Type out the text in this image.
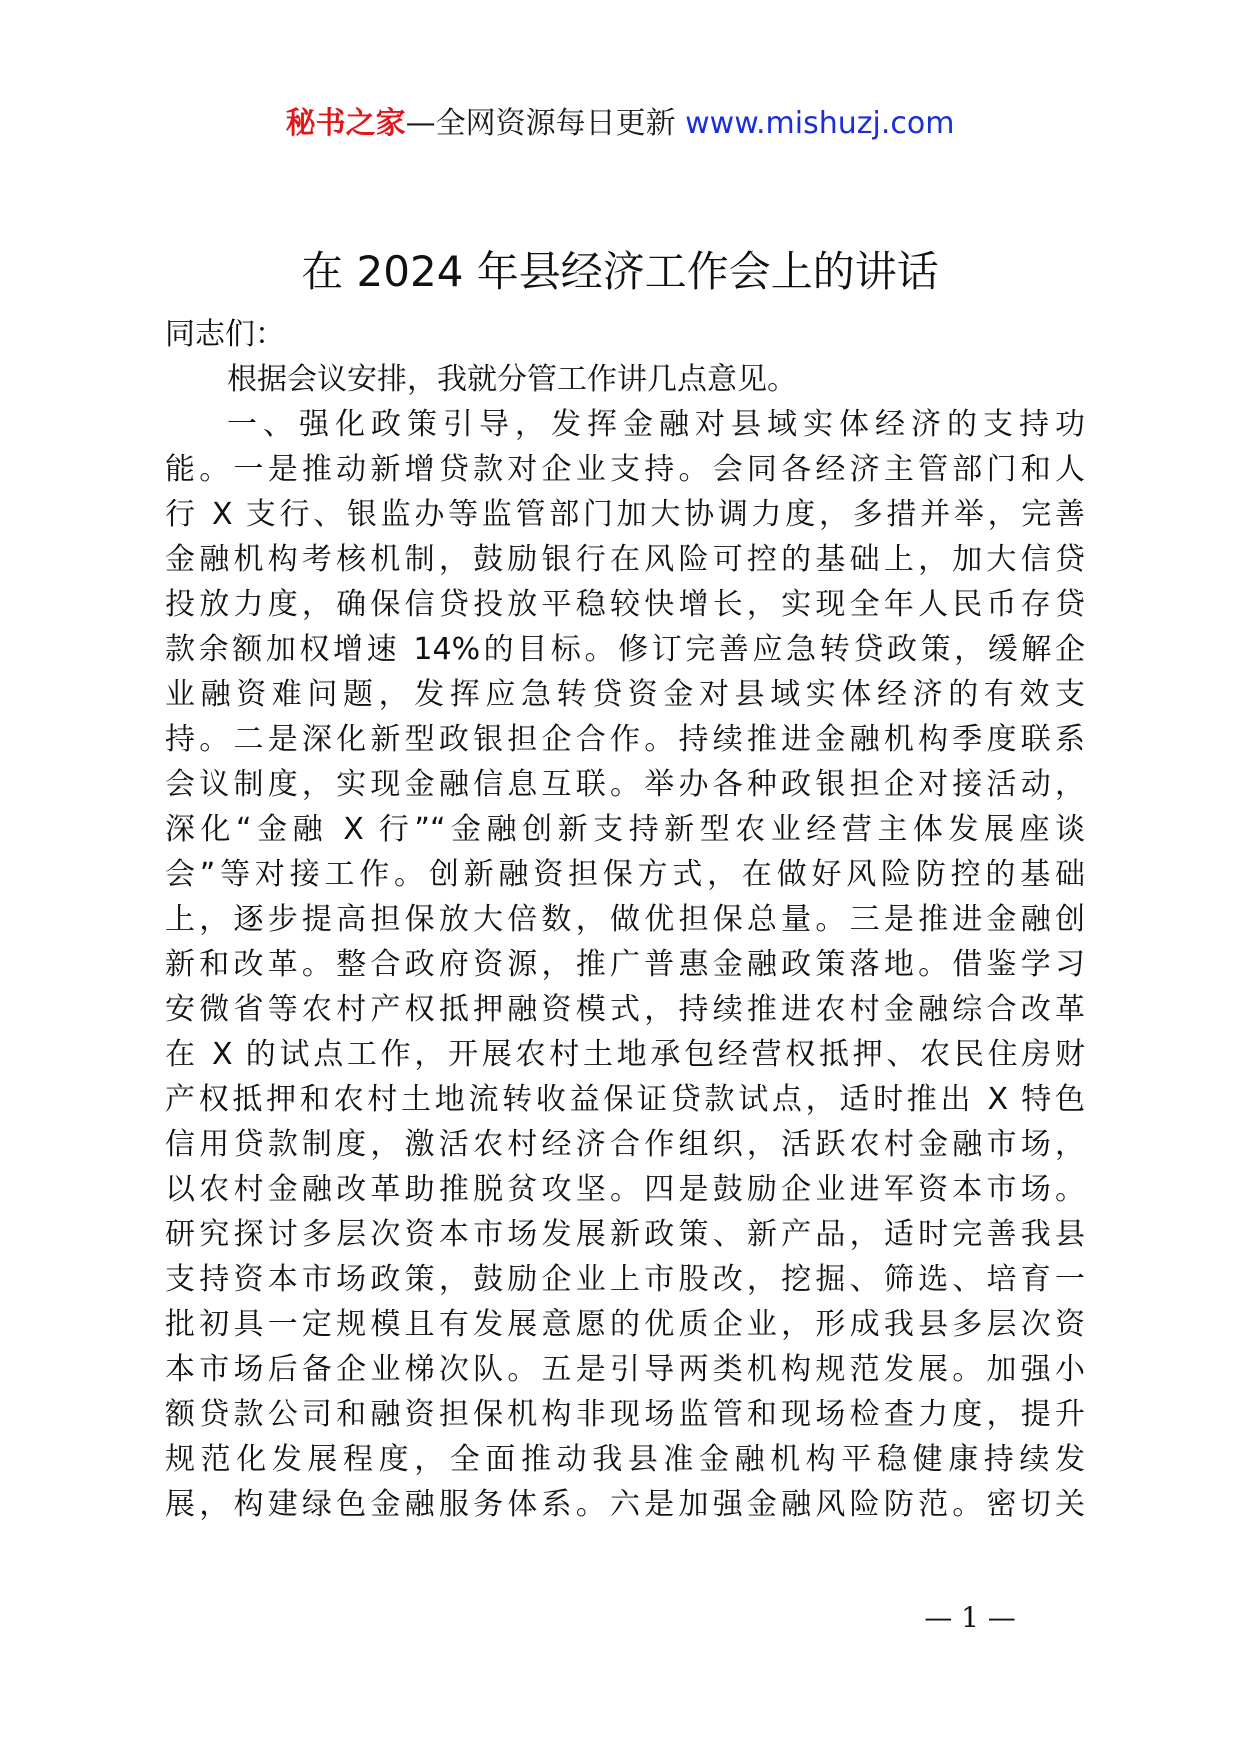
秘书之家—全网资源每日更新 www.mishuzj.com
在 2024 年县经济工作会上的讲话
同志们：
根据会议安排，我就分管工作讲几点意见。
一、强化政策引导，发挥金融对县域实体经济的支持功
能。一是推动新增贷款对企业支持。会同各经济主管部门和人
行 X 支行、银监办等监管部门加大协调力度，多措并举，完善
金融机构考核机制，鼓励银行在风险可控的基础上，加大信贷
投放力度，确保信贷投放平稳较快增长，实现全年人民币存贷
款余额加权增速 14%的目标。修订完善应急转贷政策，缓解企
业融资难问题，发挥应急转贷资金对县域实体经济的有效支
持。二是深化新型政银担企合作。持续推进金融机构季度联系
会议制度，实现金融信息互联。举办各种政银担企对接活动，
深化“金融 X 行”“金融创新支持新型农业经营主体发展座谈
会”等对接工作。创新融资担保方式，在做好风险防控的基础
上，逐步提高担保放大倍数，做优担保总量。三是推进金融创
新和改革。整合政府资源，推广普惠金融政策落地。借鉴学习
安微省等农村产权抵押融资模式，持续推进农村金融综合改革
在 X 的试点工作，开展农村土地承包经营权抵押、农民住房财
产权抵押和农村土地流转收益保证贷款试点，适时推出 X 特色
信用贷款制度，激活农村经济合作组织，活跃农村金融市场，
以农村金融改革助推脱贫攻坚。四是鼓励企业进军资本市场。
研究探讨多层次资本市场发展新政策、新产品，适时完善我县
支持资本市场政策，鼓励企业上市股改，挖掘、筛选、培育一
批初具一定规模且有发展意愿的优质企业，形成我县多层次资
本市场后备企业梯次队。五是引导两类机构规范发展。加强小
额贷款公司和融资担保机构非现场监管和现场检查力度，提升
规范化发展程度，全面推动我县准金融机构平稳健康持续发
展，构建绿色金融服务体系。六是加强金融风险防范。密切关
— 1 —
